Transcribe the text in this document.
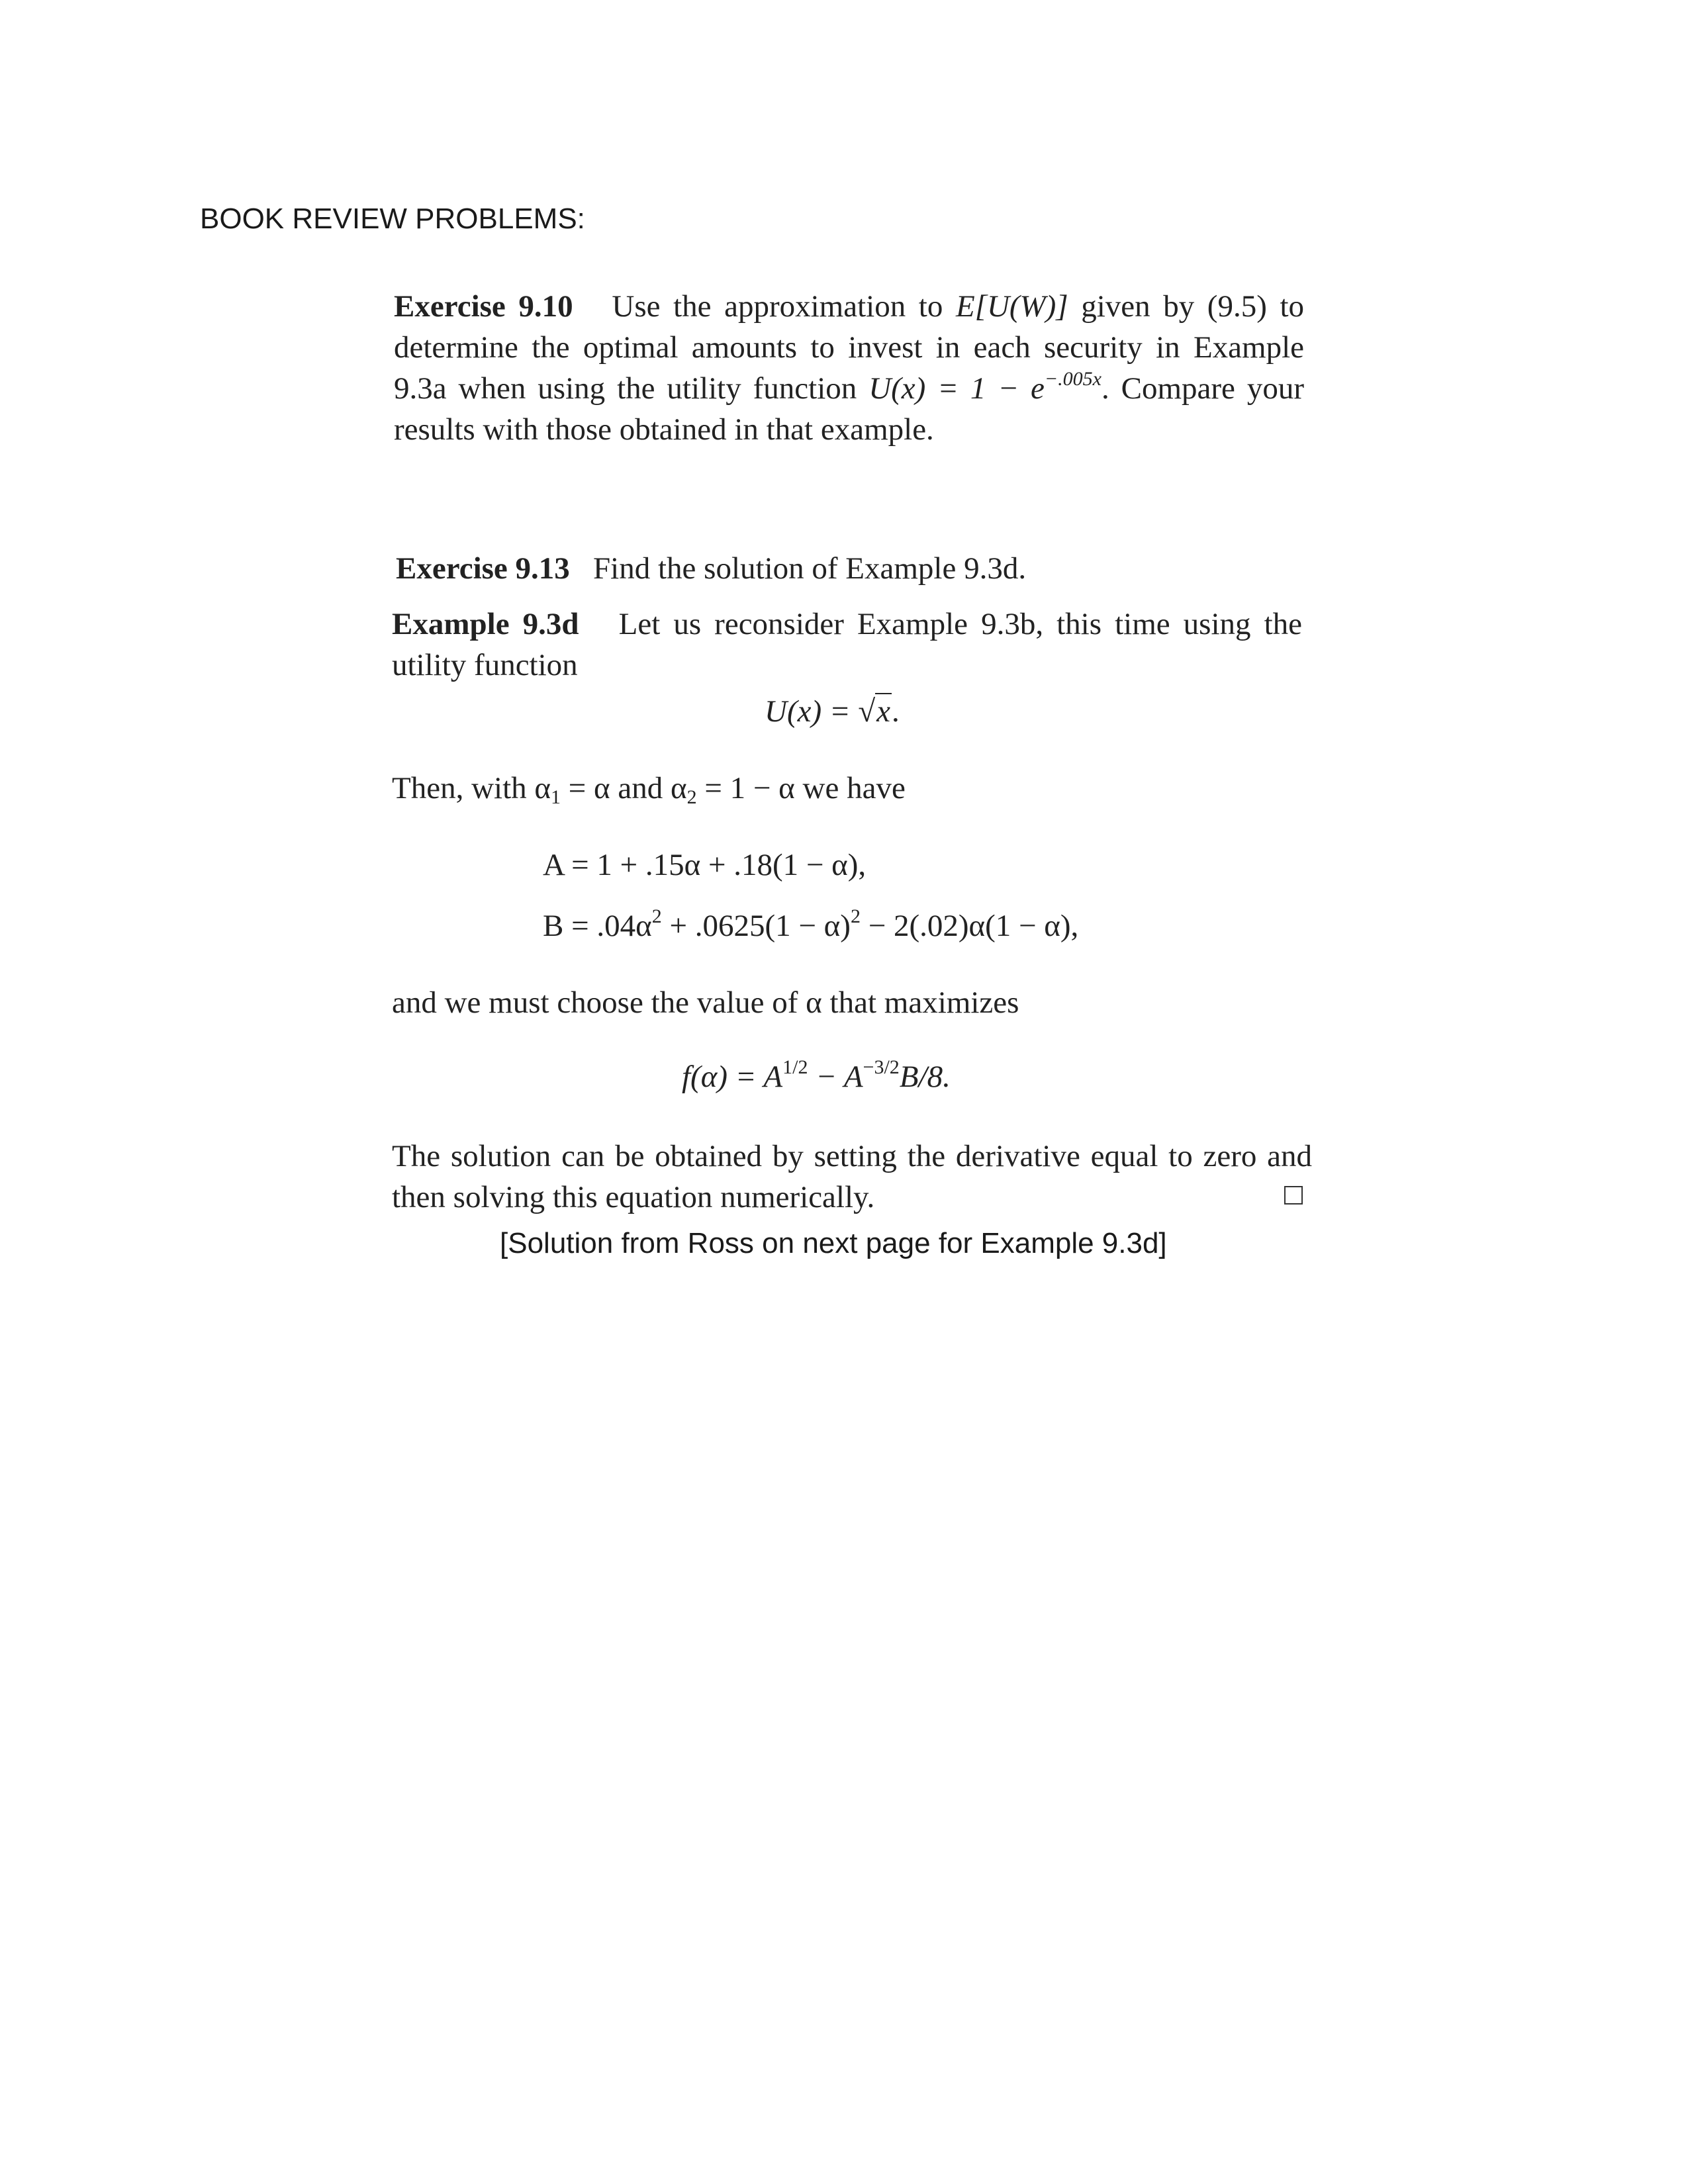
BOOK REVIEW PROBLEMS:
Exercise 9.10 Use the approximation to E[U(W)] given by (9.5) to determine the optimal amounts to invest in each security in Example 9.3a when using the utility function $U(x) = 1 - e^{-.005x}$. Compare your results with those obtained in that example.
Exercise 9.13 Find the solution of Example 9.3d.
Example 9.3d Let us reconsider Example 9.3b, this time using the utility function
U(x) = √x.
Then, with $\alpha_1 = \alpha$ and $\alpha_2 = 1 - \alpha$ we have
A = 1 + .15α + .18(1 − α),
$B = .04\alpha^2 + .0625(1 - \alpha)^2 - 2(.02)\alpha(1 - \alpha)$,
and we must choose the value of α that maximizes
$f(\alpha) = A^{1/2} - A^{-3/2}B/8$.
The solution can be obtained by setting the derivative equal to zero and then solving this equation numerically.
[Solution from Ross on next page for Example 9.3d]
